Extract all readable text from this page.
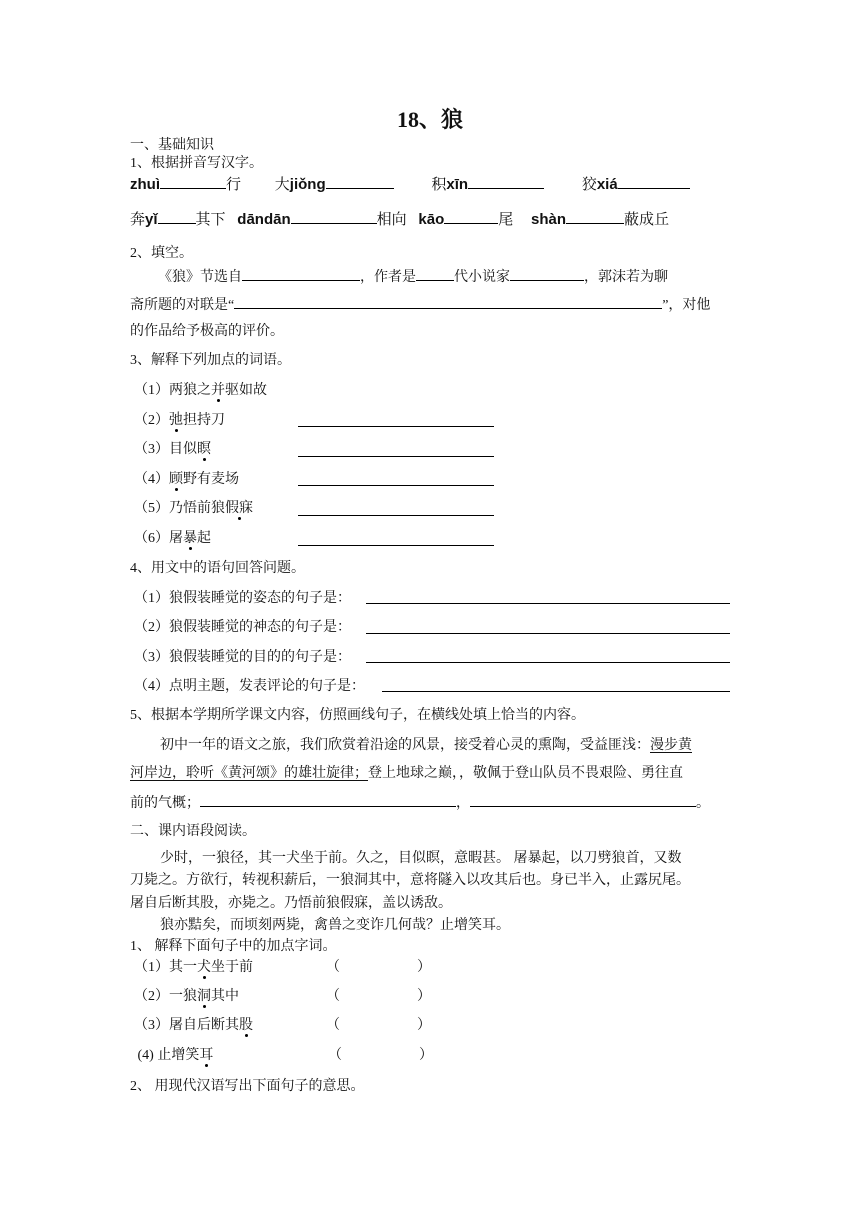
18、狼
一、基础知识
1、根据拼音写汉字。
zhuì	行 大jiǒng	积xīn	狡xiá
奔yǐ	其下 dāndān	相向 kāo	尾 shàn	蔽成丘
2、填空。
《狼》节选自	，作者是	代小说家	，郭沫若为聊
斋所题的对联是“	”，对他
的作品给予极高的评价。
3、解释下列加点的词语。
（1）两狼之并驱如故
（2）弛担持刀
（3）目似瞑
（4）顾野有麦场
（5）乃悟前狼假寐
（6）屠暴起
4、用文中的语句回答问题。
（1）狼假装睡觉的姿态的句子是：
（2）狼假装睡觉的神态的句子是：
（3）狼假装睡觉的目的的句子是：
（4）点明主题，发表评论的句子是：
5、根据本学期所学课文内容，仿照画线句子，在横线处填上恰当的内容。
初中一年的语文之旅，我们欣赏着沿途的风景，接受着心灵的熏陶，受益匪浅：漫步黄
河岸边，聆听《黄河颂》的雄壮旋律；登上地球之巅，，敬佩于登山队员不畏艰险、勇往直
前的气概；	，	。
二、课内语段阅读。
少时，一狼径，其一犬坐于前。久之，目似瞑，意暇甚。 屠暴起，以刀劈狼首，又数
刀毙之。方欲行，转视积薪后，一狼洞其中，意将隧入以攻其后也。身已半入，止露尻尾。
屠自后断其股，亦毙之。乃悟前狼假寐，盖以诱敌。
狼亦黠矣，而顷刻两毙，禽兽之变诈几何哉？止增笑耳。
1、 解释下面句子中的加点字词。
（1）其一犬坐于前	（                      ）
（2）一狼洞其中	（                      ）
（3）屠自后断其股	（                      ）
(4) 止增笑耳	（                      ）
2、 用现代汉语写出下面句子的意思。
